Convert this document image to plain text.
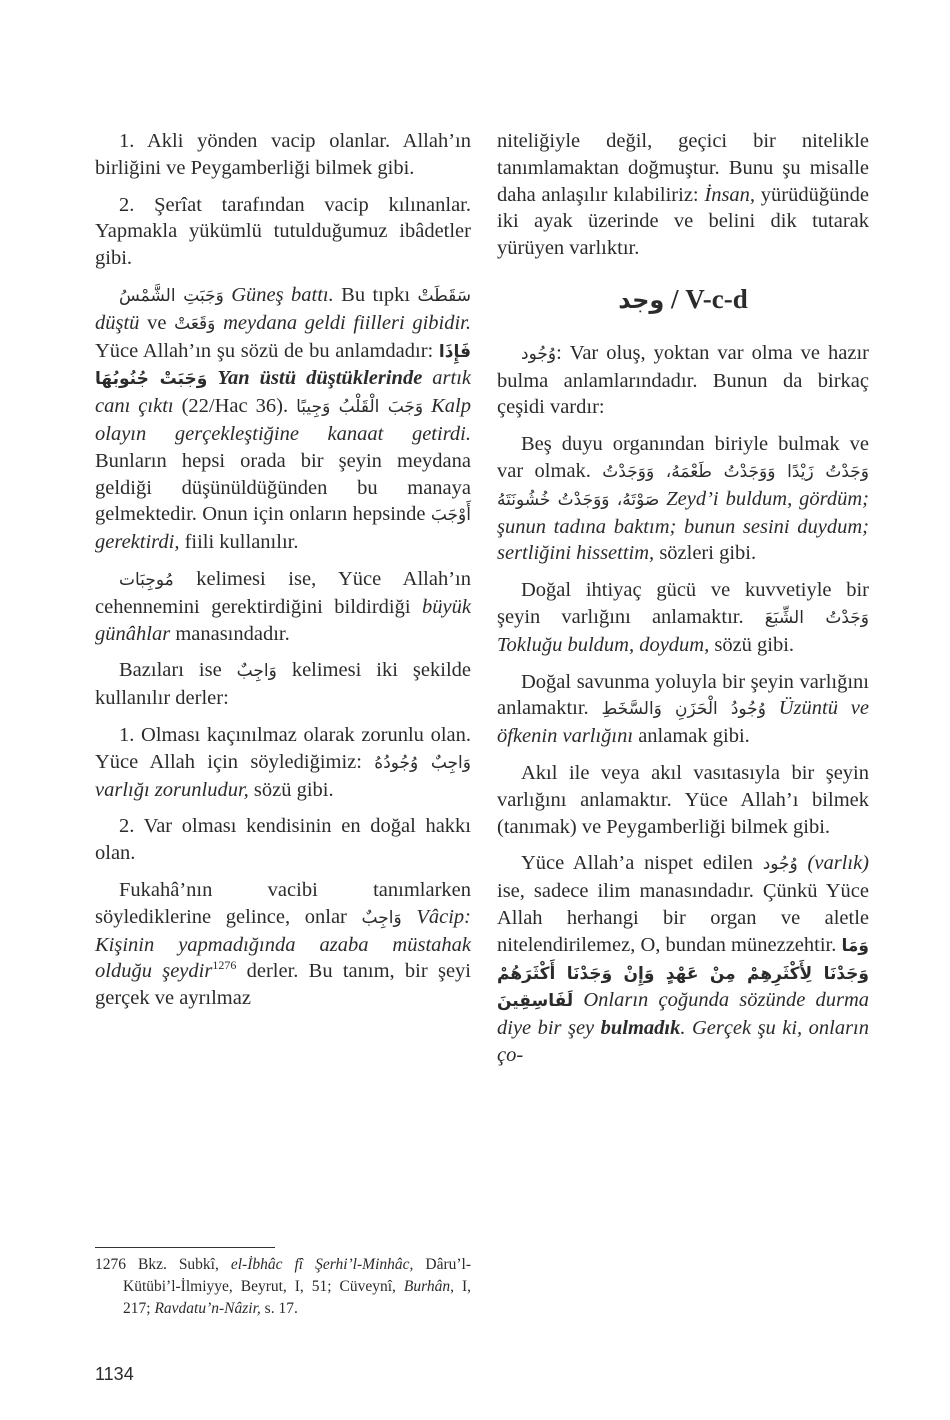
1. Akli yönden vacip olanlar. Allah’ın birliğini ve Peygamberliği bilmek gibi.

2. Şerîat tarafından vacip kılınanlar. Yapmakla yükümlü tutulduğumuz ibâdetler gibi.

وَجَبَتِ الشَّمْسُ Güneş battı. Bu tıpkı سَقَطَتْ düştü ve وَقَعَتْ meydana geldi fiilleri gibidir. Yüce Allah’ın şu sözü de bu anlamdadır: فَإِذَا وَجَبَتْ جُنُوبُهَا Yan üstü düştüklerinde artık canı çıktı (22/Hac 36). وَجَبَ الْقَلْبُ وَجِيبًا Kalp olayın gerçekleştiğine kanaat getirdi. Bunların hepsi orada bir şeyin meydana geldiği düşünüldüğünden bu manaya gelmektedir. Onun için onların hepsinde أَوْجَبَ gerektirdi, fiili kullanılır.

مُوجِبَات kelimesi ise, Yüce Allah’ın cehennemini gerektirdiğini bildirdiği büyük günâhlar manasındadır.

Bazıları ise وَاجِبٌ kelimesi iki şekilde kullanılır derler:

1. Olması kaçınılmaz olarak zorunlu olan. Yüce Allah için söylediğimiz: وَاجِبٌ وُجُودُهُ varlığı zorunludur, sözü gibi.

2. Var olması kendisinin en doğal hakkı olan.

Fukahâ’nın vacibi tanımlarken söylediklerine gelince, onlar وَاجِبٌ Vâcip: Kişinin yapmadığında azaba müstahak olduğu şeydir$^{1276}$ derler. Bu tanım, bir şeyi gerçek ve ayrılmaz

niteliğiyle değil, geçici bir nitelikle tanımlamaktan doğmuştur. Bunu şu misalle daha anlaşılır kılabiliriz: İnsan, yürüdüğünde iki ayak üzerinde ve belini dik tutarak yürüyen varlıktır.

وجد / V-c-d

وُجُود: Var oluş, yoktan var olma ve hazır bulma anlamlarındadır. Bunun da birkaç çeşidi vardır:

Beş duyu organından biriyle bulmak ve var olmak. وَجَدْتُ زَيْدًا وَوَجَدْتُ طَعْمَهُ، وَوَجَدْتُ صَوْتَهُ، وَوَجَدْتُ خُشُونَتَهُ Zeyd’i buldum, gördüm; şunun tadına baktım; bunun sesini duydum; sertliğini hissettim, sözleri gibi.

Doğal ihtiyaç gücü ve kuvvetiyle bir şeyin varlığını anlamaktır. وَجَدْتُ الشِّبَعَ Tokluğu buldum, doydum, sözü gibi.

Doğal savunma yoluyla bir şeyin varlığını anlamaktır. وُجُودُ الْحَزَنِ وَالسَّخَطِ Üzüntü ve öfkenin varlığını anlamak gibi.

Akıl ile veya akıl vasıtasıyla bir şeyin varlığını anlamaktır. Yüce Allah’ı bilmek (tanımak) ve Peygamberliği bilmek gibi.

Yüce Allah’a nispet edilen وُجُود (varlık) ise, sadece ilim manasındadır. Çünkü Yüce Allah herhangi bir organ ve aletle nitelendirilemez, O, bundan münezzehtir. وَمَا وَجَدْنَا لِأَكْثَرِهِمْ مِنْ عَهْدٍ وَإِنْ وَجَدْنَا أَكْثَرَهُمْ لَفَاسِقِينَ Onların çoğunda sözünde durma diye bir şey bulmadık. Gerçek şu ki, onların ço-

1276 Bkz. Subkî, el-İbhâc fî Şerhi’l-Minhâc, Dâru’l-Kütübi’l-İlmiyye, Beyrut, I, 51; Cüveynî, Burhân, I, 217; Ravdatu’n-Nâzir, s. 17.
1134
